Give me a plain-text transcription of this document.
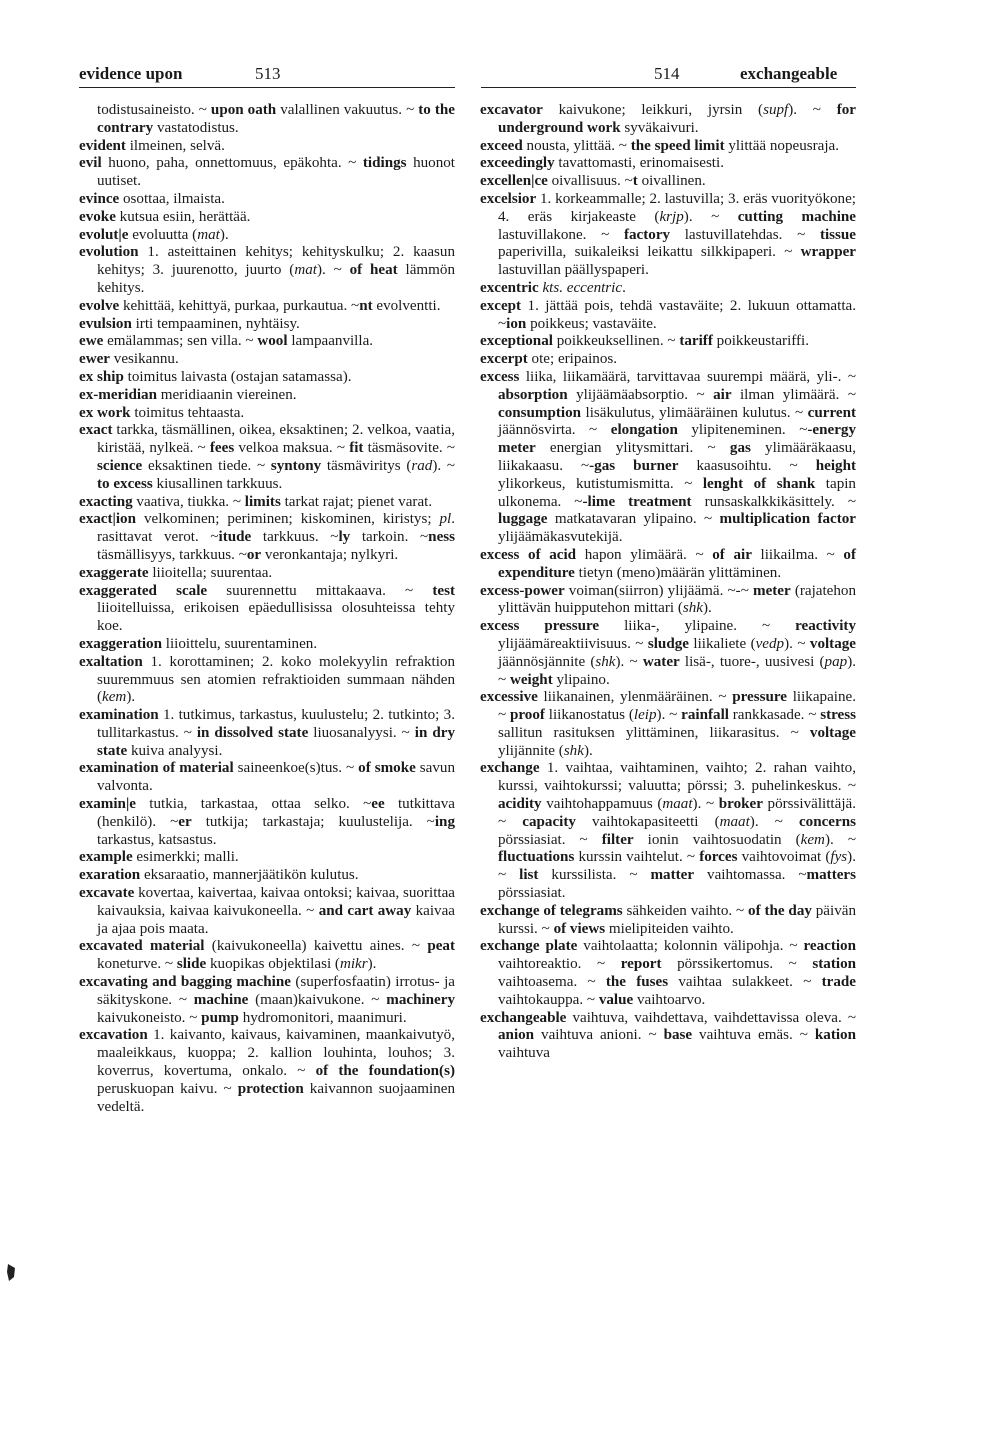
evidence upon	513	514	exchangeable

todistusaineisto. ~ upon oath valallinen vakuutus. ~ to the contrary vastatodistus.

evident ilmeinen, selvä.

evil huono, paha, onnettomuus, epäkohta. ~ tidings huonot uutiset.

evince osottaa, ilmaista.

evoke kutsua esiin, herättää.

evolut|e evoluutta (mat).

evolution 1. asteittainen kehitys; kehityskulku; 2. kaasun kehitys; 3. juurenotto, juurto (mat). ~ of heat lämmön kehitys.

evolve kehittää, kehittyä, purkaa, purkautua. ~nt evolventti.

evulsion irti tempaaminen, nyhtäisy.

ewe emälammas; sen villa. ~ wool lampaanvilla.

ewer vesikannu.

ex ship toimitus laivasta (ostajan satamassa).

ex-meridian meridiaanin viereinen.

ex work toimitus tehtaasta.

exact tarkka, täsmällinen, oikea, eksaktinen; 2. velkoa, vaatia, kiristää, nylkeä. ~ fees velkoa maksua. ~ fit täsmäsovite. ~ science eksaktinen tiede. ~ syntony täsmäviritys (rad). ~ to excess kiusallinen tarkkuus.

exacting vaativa, tiukka. ~ limits tarkat rajat; pienet varat.

exact|ion velkominen; periminen; kiskominen, kiristys; pl. rasittavat verot. ~itude tarkkuus. ~ly tarkoin. ~ness täsmällisyys, tarkkuus. ~or veronkantaja; nylkyri.

exaggerate liioitella; suurentaa.

exaggerated scale suurennettu mittakaava. ~ test liioitelluissa, erikoisen epäedullisissa olosuhteissa tehty koe.

exaggeration liioittelu, suurentaminen.

exaltation 1. korottaminen; 2. koko molekyylin refraktion suuremmuus sen atomien refraktioiden summaan nähden (kem).

examination 1. tutkimus, tarkastus, kuulustelu; 2. tutkinto; 3. tullitarkastus. ~ in dissolved state liuosanalyysi. ~ in dry state kuiva analyysi.

examination of material saineenkoe(s)tus. ~ of smoke savun valvonta.

examin|e tutkia, tarkastaa, ottaa selko. ~ee tutkittava (henkilö). ~er tutkija; tarkastaja; kuulustelija. ~ing tarkastus, katsastus.

example esimerkki; malli.

exaration eksaraatio, mannerjäätikön kulutus.

excavate kovertaa, kaivertaa, kaivaa ontoksi; kaivaa, suorittaa kaivauksia, kaivaa kaivukoneella. ~ and cart away kaivaa ja ajaa pois maata.

excavated material (kaivukoneella) kaivettu aines. ~ peat koneturve. ~ slide kuopikas objektilasi (mikr).

excavating and bagging machine (superfosfaatin) irrotus- ja säkityskone. ~ machine (maan)kaivukone. ~ machinery kaivukoneisto. ~ pump hydromonitori, maanimuri.

excavation 1. kaivanto, kaivaus, kaivaminen, maankaivutyö, maaleikkaus, kuoppa; 2. kallion louhinta, louhos; 3. koverrus, kovertuma, onkalo. ~ of the foundation(s) peruskuopan kaivu. ~ protection kaivannon suojaaminen vedeltä.

excavator kaivukone; leikkuri, jyrsin (supf). ~ for underground work syväkaivuri.

exceed nousta, ylittää. ~ the speed limit ylittää nopeusraja.

exceedingly tavattomasti, erinomaisesti.

excellen|ce oivallisuus. ~t oivallinen.

excelsior 1. korkeammalle; 2. lastuvilla; 3. eräs vuorityökone; 4. eräs kirjakeaste (krjp). ~ cutting machine lastuvillakone. ~ factory lastuvillatehdas. ~ tissue paperivilla, suikaleiksi leikattu silkkipaperi. ~ wrapper lastuvillan päällyspaperi.

excentric kts. eccentric.

except 1. jättää pois, tehdä vastaväite; 2. lukuun ottamatta. ~ion poikkeus; vastaväite.

exceptional poikkeuksellinen. ~ tariff poikkeustariffi.

excerpt ote; eripainos.

excess liika, liikamäärä, tarvittavaa suurempi määrä, yli-. ~ absorption ylijäämäabsorptio. ~ air ilman ylimäärä. ~ consumption lisäkulutus, ylimääräinen kulutus. ~ current jäännösvirta. ~ elongation ylipiteneminen. ~-energy meter energian ylitysmittari. ~ gas ylimääräkaasu, liikakaasu. ~-gas burner kaasusoihtu. ~ height ylikorkeus, kutistumismitta. ~ lenght of shank tapin ulkonema. ~-lime treatment runsaskalkkikäsittely. ~ luggage matkatavaran ylipaino. ~ multiplication factor ylijäämäkasvutekijä.

excess of acid hapon ylimäärä. ~ of air liikailma. ~ of expenditure tietyn (meno)määrän ylittäminen.

excess-power voiman(siirron) ylijäämä. ~-~ meter (rajatehon ylittävän huipputehon mittari (shk).

excess pressure liika-, ylipaine. ~ reactivity ylijäämäreaktiivisuus. ~ sludge liikaliete (vedp). ~ voltage jäännösjännite (shk). ~ water lisä-, tuore-, uusivesi (pap). ~ weight ylipaino.

excessive liikanainen, ylenmääräinen. ~ pressure liikapaine. ~ proof liikanostatus (leip). ~ rainfall rankkasade. ~ stress sallitun rasituksen ylittäminen, liikarasitus. ~ voltage ylijännite (shk).

exchange 1. vaihtaa, vaihtaminen, vaihto; 2. rahan vaihto, kurssi, vaihtokurssi; valuutta; pörssi; 3. puhelinkeskus. ~ acidity vaihtohappamuus (maat). ~ broker pörssivälittäjä. ~ capacity vaihtokapasiteetti (maat). ~ concerns pörssiasiat. ~ filter ionin vaihtosuodatin (kem). ~ fluctuations kurssin vaihtelut. ~ forces vaihtovoimat (fys). ~ list kurssilista. ~ matter vaihtomassa. ~matters pörssiasiat.

exchange of telegrams sähkeiden vaihto. ~ of the day päivän kurssi. ~ of views mielipiteiden vaihto.

exchange plate vaihtolaatta; kolonnin välipohja. ~ reaction vaihtoreaktio. ~ report pörssikertomus. ~ station vaihtoasema. ~ the fuses vaihtaa sulakkeet. ~ trade vaihtokauppa. ~ value vaihtoarvo.

exchangeable vaihtuva, vaihdettava, vaihdettavissa oleva. ~ anion vaihtuva anioni. ~ base vaihtuva emäs. ~ kation vaihtuva
